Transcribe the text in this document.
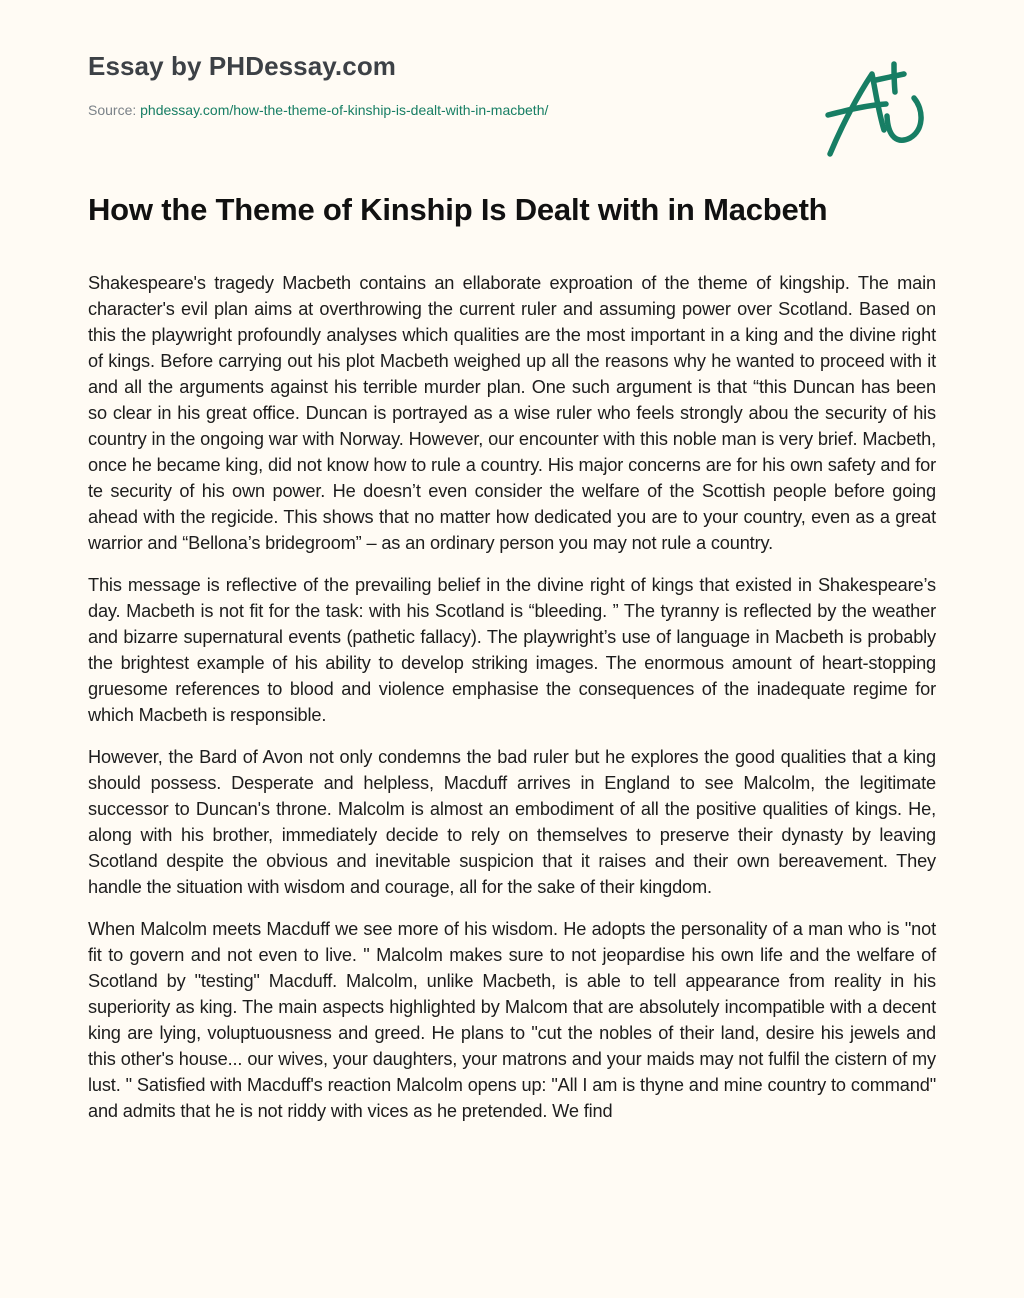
Essay by PHDessay.com
Source: phdessay.com/how-the-theme-of-kinship-is-dealt-with-in-macbeth/
How the Theme of Kinship Is Dealt with in Macbeth

Shakespeare's tragedy Macbeth contains an ellaborate exproation of the theme of kingship. The main character's evil plan aims at overthrowing the current ruler and assuming power over Scotland. Based on this the playwright profoundly analyses which qualities are the most important in a king and the divine right of kings. Before carrying out his plot Macbeth weighed up all the reasons why he wanted to proceed with it and all the arguments against his terrible murder plan. One such argument is that “this Duncan has been so clear in his great office. Duncan is portrayed as a wise ruler who feels strongly abou the security of his country in the ongoing war with Norway. However, our encounter with this noble man is very brief. Macbeth, once he became king, did not know how to rule a country. His major concerns are for his own safety and for te security of his own power. He doesn’t even consider the welfare of the Scottish people before going ahead with the regicide. This shows that no matter how dedicated you are to your country, even as a great warrior and “Bellona’s bridegroom” – as an ordinary person you may not rule a country.

This message is reflective of the prevailing belief in the divine right of kings that existed in Shakespeare’s day. Macbeth is not fit for the task: with his Scotland is “bleeding. ” The tyranny is reflected by the weather and bizarre supernatural events (pathetic fallacy). The playwright’s use of language in Macbeth is probably the brightest example of his ability to develop striking images. The enormous amount of heart-stopping gruesome references to blood and violence emphasise the consequences of the inadequate regime for which Macbeth is responsible.

However, the Bard of Avon not only condemns the bad ruler but he explores the good qualities that a king should possess. Desperate and helpless, Macduff arrives in England to see Malcolm, the legitimate successor to Duncan's throne. Malcolm is almost an embodiment of all the positive qualities of kings. He, along with his brother, immediately decide to rely on themselves to preserve their dynasty by leaving Scotland despite the obvious and inevitable suspicion that it raises and their own bereavement. They handle the situation with wisdom and courage, all for the sake of their kingdom.

When Malcolm meets Macduff we see more of his wisdom. He adopts the personality of a man who is "not fit to govern and not even to live. " Malcolm makes sure to not jeopardise his own life and the welfare of Scotland by "testing" Macduff. Malcolm, unlike Macbeth, is able to tell appearance from reality in his superiority as king. The main aspects highlighted by Malcom that are absolutely incompatible with a decent king are lying, voluptuousness and greed. He plans to "cut the nobles of their land, desire his jewels and this other's house... our wives, your daughters, your matrons and your maids may not fulfil the cistern of my lust. " Satisfied with Macduff's reaction Malcolm opens up: "All I am is thyne and mine country to command" and admits that he is not riddy with vices as he pretended. We find
